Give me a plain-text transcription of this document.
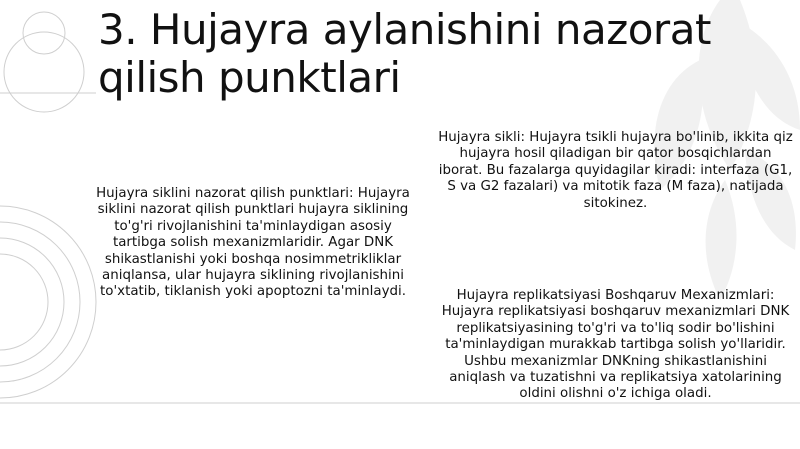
3. Hujayra aylanishini nazorat qilish punktlari

Hujayra siklini nazorat qilish punktlari: Hujayra siklini nazorat qilish punktlari hujayra siklining to'g'ri rivojlanishini ta'minlaydigan asosiy tartibga solish mexanizmlaridir. Agar DNK shikastlanishi yoki boshqa nosimmetrikliklar aniqlansa, ular hujayra siklining rivojlanishini to'xtatib, tiklanish yoki apoptozni ta'minlaydi.

Hujayra sikli: Hujayra tsikli hujayra bo'linib, ikkita qiz hujayra hosil qiladigan bir qator bosqichlardan iborat. Bu fazalarga quyidagilar kiradi: interfaza (G1, S va G2 fazalari) va mitotik faza (M faza), natijada sitokinez.

Hujayra replikatsiyasi Boshqaruv Mexanizmlari: Hujayra replikatsiyasi boshqaruv mexanizmlari DNK replikatsiyasining to'g'ri va to'liq sodir bo'lishini ta'minlaydigan murakkab tartibga solish yo'llaridir. Ushbu mexanizmlar DNKning shikastlanishini aniqlash va tuzatishni va replikatsiya xatolarining oldini olishni o'z ichiga oladi.
